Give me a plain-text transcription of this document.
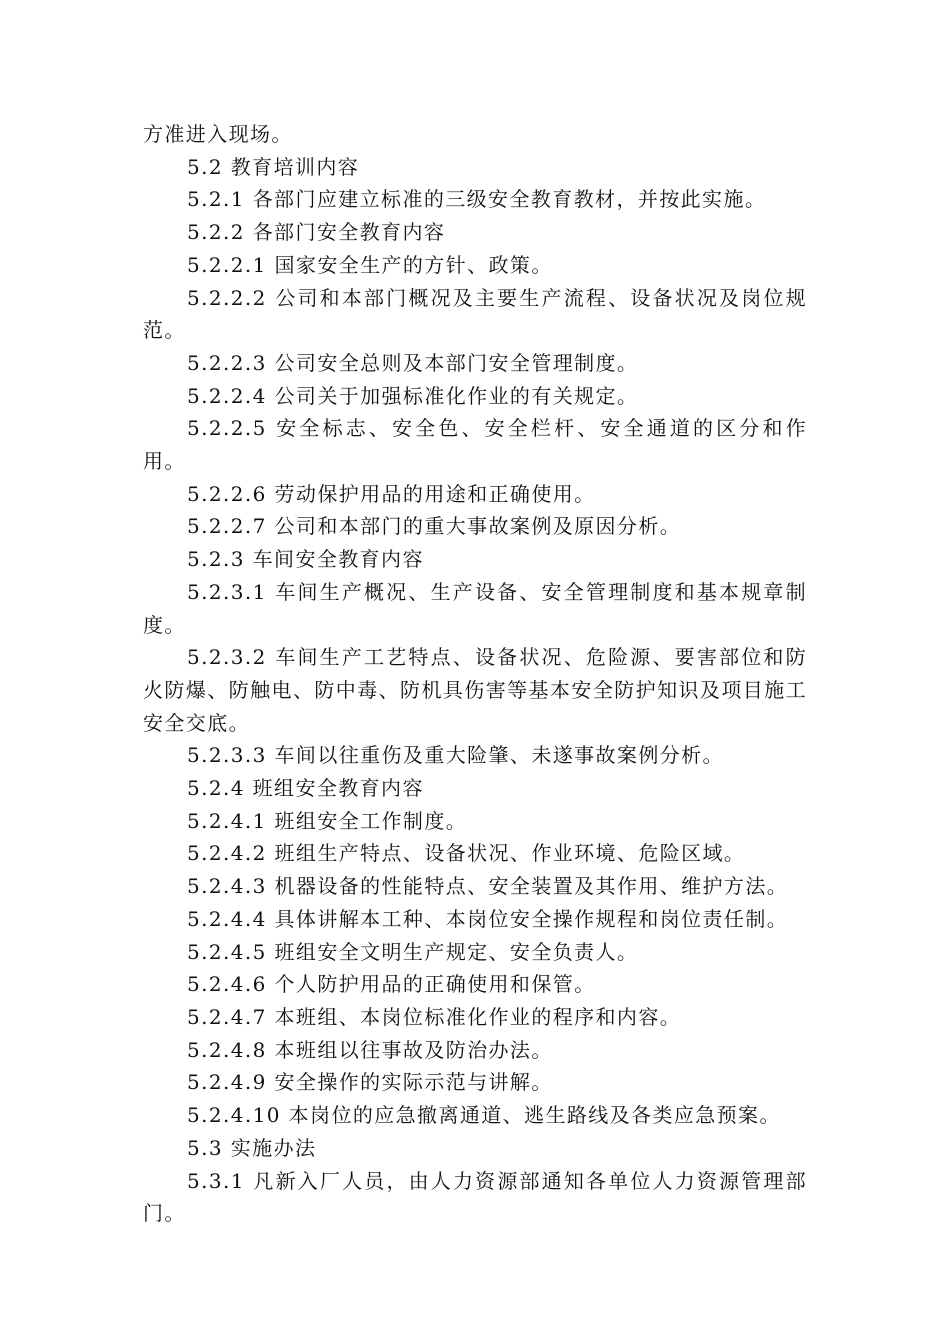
方准进入现场。

5.2 教育培训内容

5.2.1 各部门应建立标准的三级安全教育教材，并按此实施。

5.2.2 各部门安全教育内容

5.2.2.1 国家安全生产的方针、政策。

5.2.2.2 公司和本部门概况及主要生产流程、设备状况及岗位规范。

5.2.2.3 公司安全总则及本部门安全管理制度。

5.2.2.4 公司关于加强标准化作业的有关规定。

5.2.2.5 安全标志、安全色、安全栏杆、安全通道的区分和作用。

5.2.2.6 劳动保护用品的用途和正确使用。

5.2.2.7 公司和本部门的重大事故案例及原因分析。

5.2.3 车间安全教育内容

5.2.3.1 车间生产概况、生产设备、安全管理制度和基本规章制度。

5.2.3.2 车间生产工艺特点、设备状况、危险源、要害部位和防火防爆、防触电、防中毒、防机具伤害等基本安全防护知识及项目施工安全交底。

5.2.3.3 车间以往重伤及重大险肇、未遂事故案例分析。

5.2.4 班组安全教育内容

5.2.4.1 班组安全工作制度。

5.2.4.2 班组生产特点、设备状况、作业环境、危险区域。

5.2.4.3 机器设备的性能特点、安全装置及其作用、维护方法。

5.2.4.4 具体讲解本工种、本岗位安全操作规程和岗位责任制。

5.2.4.5 班组安全文明生产规定、安全负责人。

5.2.4.6 个人防护用品的正确使用和保管。

5.2.4.7 本班组、本岗位标准化作业的程序和内容。

5.2.4.8 本班组以往事故及防治办法。

5.2.4.9 安全操作的实际示范与讲解。

5.2.4.10 本岗位的应急撤离通道、逃生路线及各类应急预案。

5.3 实施办法

5.3.1 凡新入厂人员，由人力资源部通知各单位人力资源管理部门。
